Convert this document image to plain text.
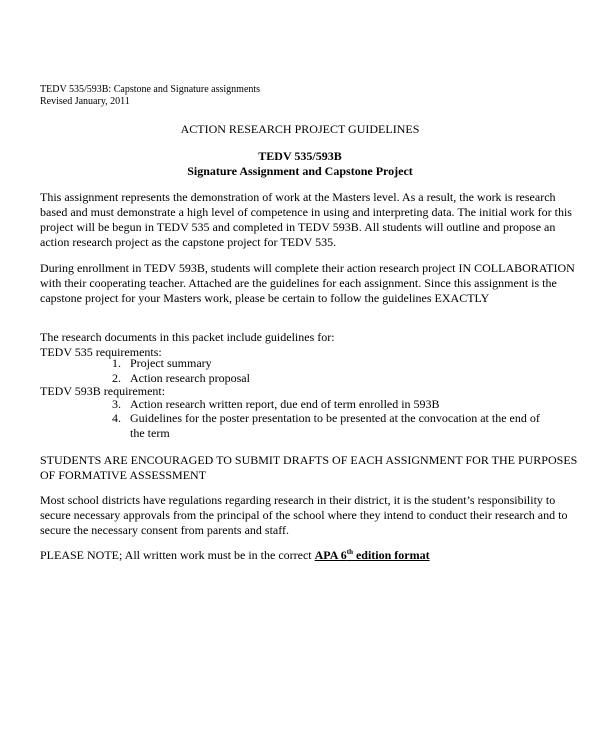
TEDV 535/593B: Capstone and Signature assignments
Revised January, 2011
ACTION RESEARCH PROJECT GUIDELINES
TEDV 535/593B
Signature Assignment and Capstone Project

This assignment represents the demonstration of work at the Masters level. As a result, the work is research based and must demonstrate a high level of competence in using and interpreting data. The initial work for this project will be begun in TEDV 535 and completed in TEDV 593B. All students will outline and propose an action research project as the capstone project for TEDV 535.

During enrollment in TEDV 593B, students will complete their action research project IN COLLABORATION with their cooperating teacher. Attached are the guidelines for each assignment. Since this assignment is the capstone project for your Masters work, please be certain to follow the guidelines EXACTLY

The research documents in this packet include guidelines for:

TEDV 535 requirements:
1. Project summary
2. Action research proposal
TEDV 593B requirement:
3. Action research written report, due end of term enrolled in 593B
4. Guidelines for the poster presentation to be presented at the convocation at the end of the term

STUDENTS ARE ENCOURAGED TO SUBMIT DRAFTS OF EACH ASSIGNMENT FOR THE PURPOSES OF FORMATIVE ASSESSMENT

Most school districts have regulations regarding research in their district, it is the student’s responsibility to secure necessary approvals from the principal of the school where they intend to conduct their research and to secure the necessary consent from parents and staff.

PLEASE NOTE; All written work must be in the correct APA 6th edition format
